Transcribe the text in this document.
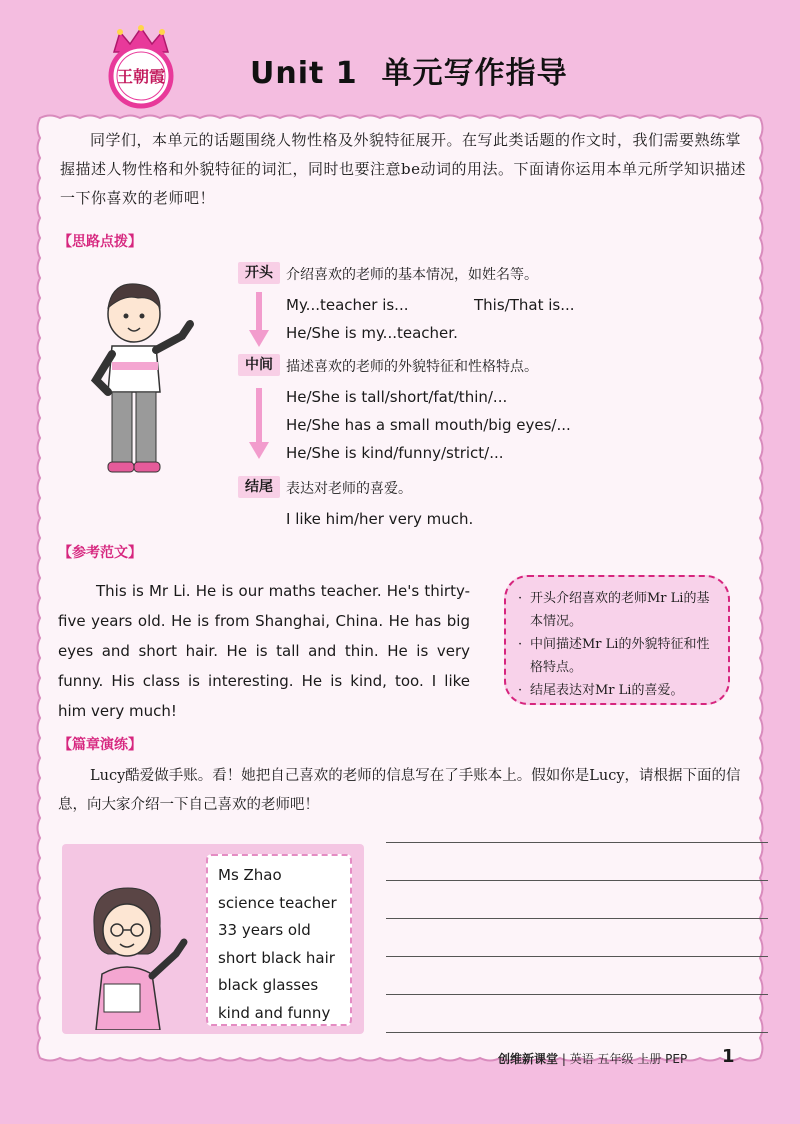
王朝霞	Unit 1 单元写作指导

同学们，本单元的话题围绕人物性格及外貌特征展开。在写此类话题的作文时，我们需要熟练掌握描述人物性格和外貌特征的词汇，同时也要注意be动词的用法。下面请你运用本单元所学知识描述一下你喜欢的老师吧！

【思路点拨】
开头 介绍喜欢的老师的基本情况，如姓名等。
My...teacher is...	This/That is...
He/She is my...teacher.
中间 描述喜欢的老师的外貌特征和性格特点。
He/She is tall/short/fat/thin/...
He/She has a small mouth/big eyes/...
He/She is kind/funny/strict/...
结尾 表达对老师的喜爱。
I like him/her very much.
【参考范文】

This is Mr Li. He is our maths teacher. He's thirty-five years old. He is from Shanghai, China. He has big eyes and short hair. He is tall and thin. He is very funny. His class is interesting. He is kind, too. I like him very much!

· 开头介绍喜欢的老师Mr Li的基本情况。
· 中间描述Mr Li的外貌特征和性格特点。
· 结尾表达对Mr Li的喜爱。
【篇章演练】

Lucy酷爱做手账。看！她把自己喜欢的老师的信息写在了手账本上。假如你是Lucy，请根据下面的信息，向大家介绍一下自己喜欢的老师吧！

Ms Zhao
science teacher
33 years old
short black hair
black glasses
kind and funny
创维新课堂 | 英语 五年级 上册 PEP 1
